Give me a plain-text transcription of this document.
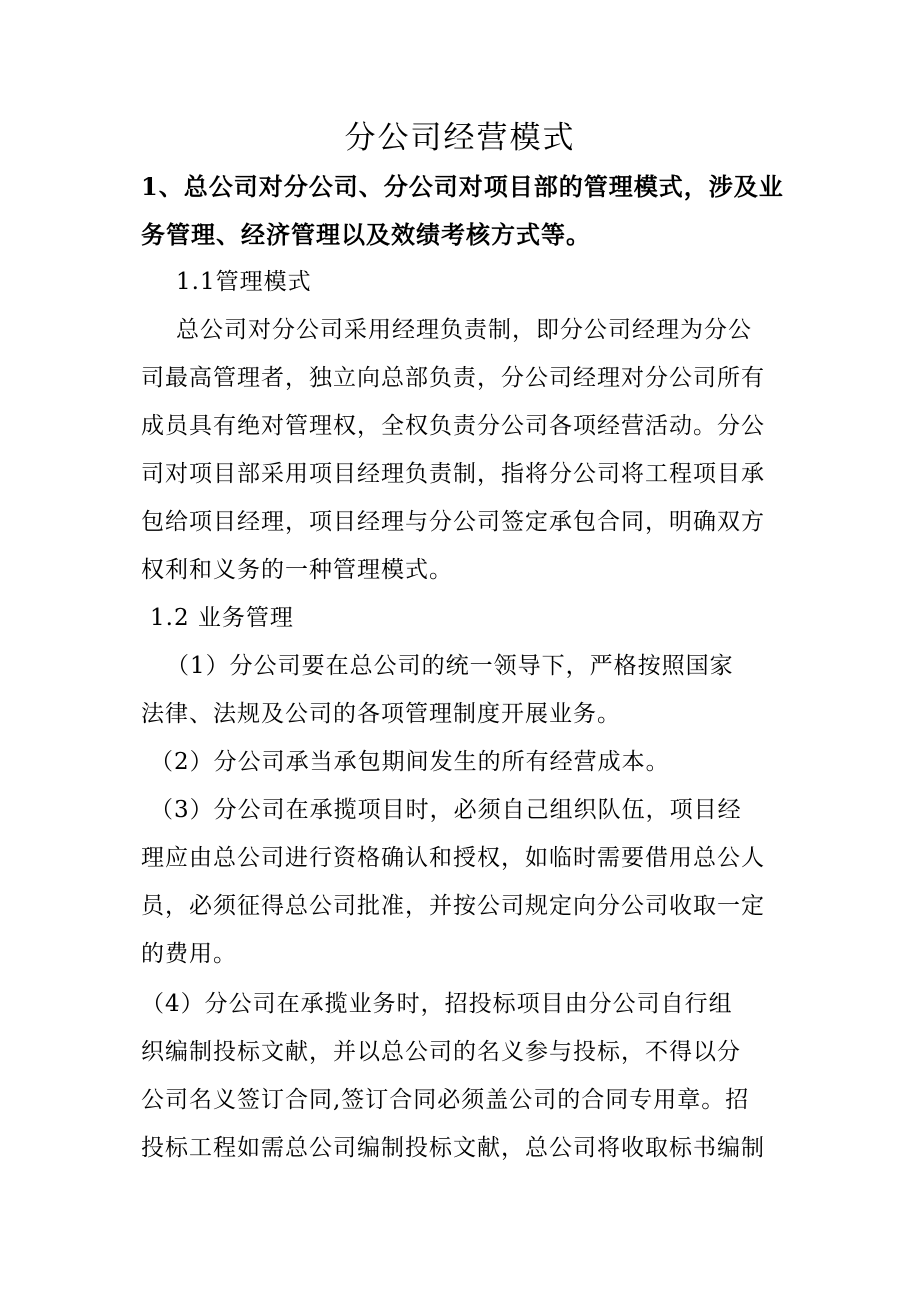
分公司经营模式

1、总公司对分公司、分公司对项目部的管理模式，涉及业务管理、经济管理以及效绩考核方式等。

1.1管理模式

总公司对分公司采用经理负责制，即分公司经理为分公

司最高管理者，独立向总部负责，分公司经理对分公司所有

成员具有绝对管理权，全权负责分公司各项经营活动。分公

司对项目部采用项目经理负责制，指将分公司将工程项目承

包给项目经理，项目经理与分公司签定承包合同，明确双方

权利和义务的一种管理模式。

1.2 业务管理

（1）分公司要在总公司的统一领导下，严格按照国家

法律、法规及公司的各项管理制度开展业务。

（2）分公司承当承包期间发生的所有经营成本。

（3）分公司在承揽项目时，必须自己组织队伍，项目经

理应由总公司进行资格确认和授权，如临时需要借用总公人

员，必须征得总公司批准，并按公司规定向分公司收取一定

的费用。

（4）分公司在承揽业务时，招投标项目由分公司自行组

织编制投标文献，并以总公司的名义参与投标，不得以分

公司名义签订合同,签订合同必须盖公司的合同专用章。招

投标工程如需总公司编制投标文献，总公司将收取标书编制
